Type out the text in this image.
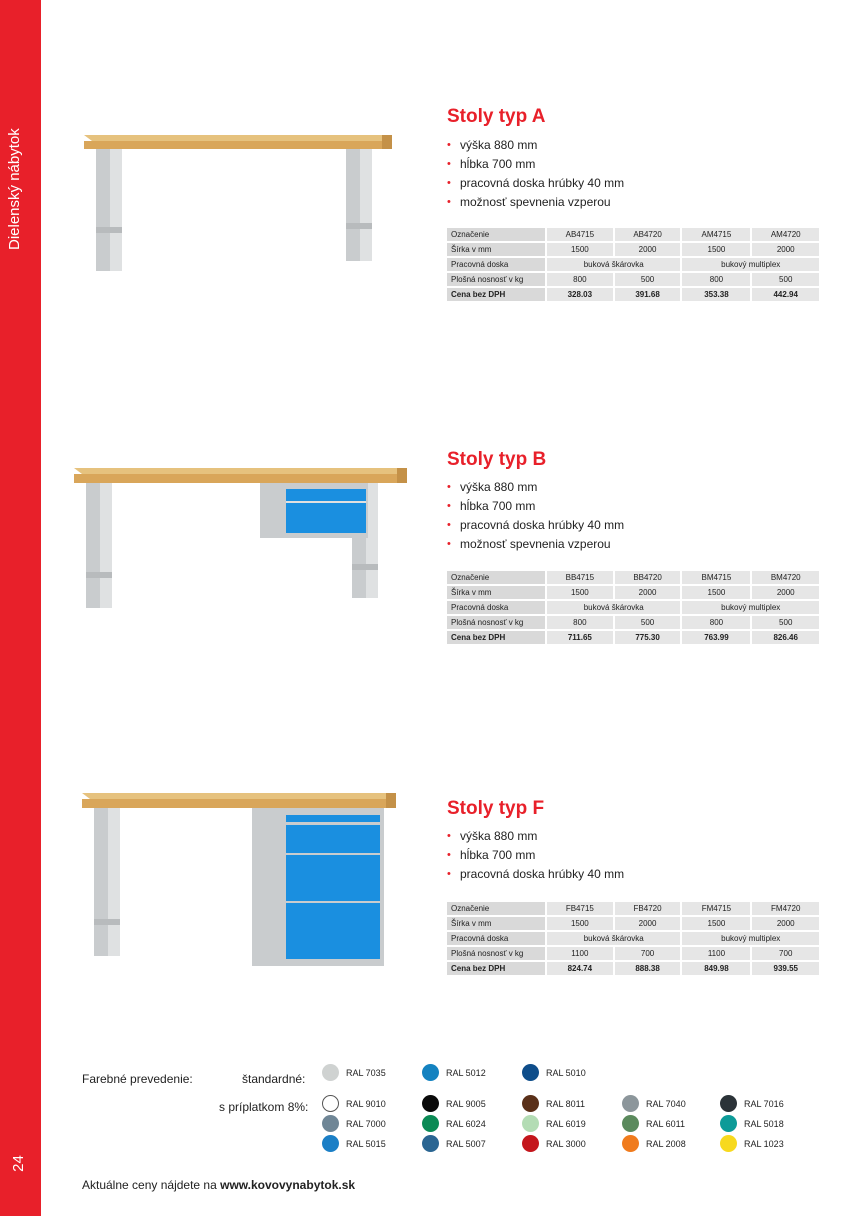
Dielenský nábytok
24
Stoly typ A
• výška 880 mm
• hĺbka 700 mm
• pracovná doska hrúbky 40 mm
• možnosť spevnenia vzperou
Označenie	AB4715	AB4720	AM4715	AM4720
Šírka v mm	1500	2000	1500	2000
Pracovná doska	buková škárovka		bukový multiplex	
Plošná nosnosť v kg	800	500	800	500
Cena bez DPH	328.03	391.68	353.38	442.94
Stoly typ B
• výška 880 mm
• hĺbka 700 mm
• pracovná doska hrúbky 40 mm
• možnosť spevnenia vzperou
Označenie	BB4715	BB4720	BM4715	BM4720
Šírka v mm	1500	2000	1500	2000
Pracovná doska	buková škárovka		bukový multiplex	
Plošná nosnosť v kg	800	500	800	500
Cena bez DPH	711.65	775.30	763.99	826.46
Stoly typ F
• výška 880 mm
• hĺbka 700 mm
• pracovná doska hrúbky 40 mm
Označenie	FB4715	FB4720	FM4715	FM4720
Šírka v mm	1500	2000	1500	2000
Pracovná doska	buková škárovka		bukový multiplex	
Plošná nosnosť v kg	1100	700	1100	700
Cena bez DPH	824.74	888.38	849.98	939.55
Farebné prevedenie:	štandardné:
s príplatkom 8%:
RAL 7035	RAL 5012	RAL 5010
RAL 9010	RAL 9005	RAL 8011	RAL 7040	RAL 7016
RAL 7000	RAL 6024	RAL 6019	RAL 6011	RAL 5018
RAL 5015	RAL 5007	RAL 3000	RAL 2008	RAL 1023
Aktuálne ceny nájdete na www.kovovynabytok.sk
